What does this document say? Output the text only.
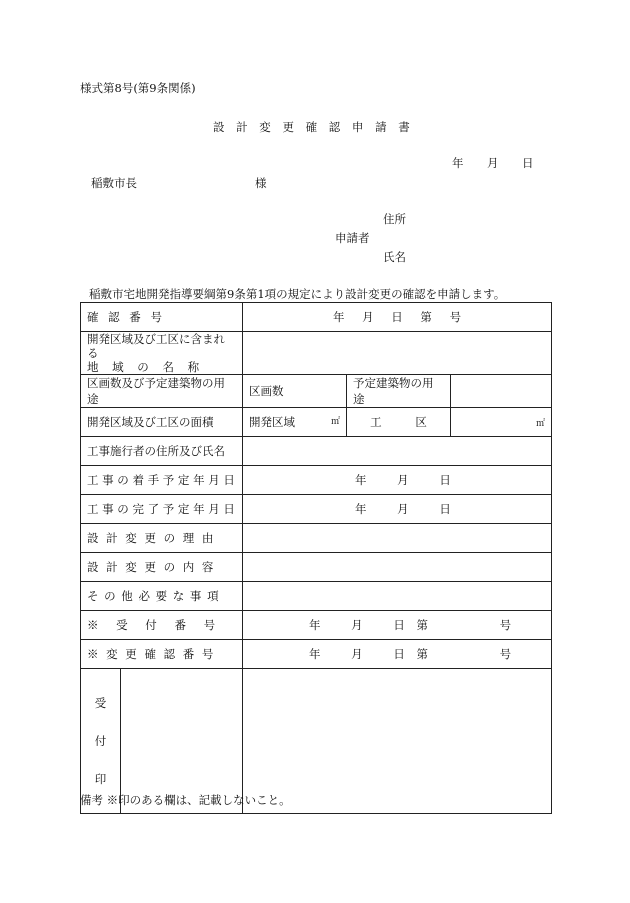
様式第8号(第9条関係)
設 計 変 更 確 認 申 請 書
年 月 日
稲敷市長	様
住所
申請者
氏名
稲敷市宅地開発指導要綱第9条第1項の規定により設計変更の確認を申請します。
確 認 番 号		年 月 日 第 号		

開発区域及び工区に含まれる
地 域 の 名 称				

区画数及び予定建築物の用途		区画数	予定建築物の用途	
開発区域及び工区の面積		開発区域 ㎡	工 区	㎡
工事施行者の住所及び氏名				
工 事 の 着 手 予 定 年 月 日		年 月 日		

工 事 の 完 了 予 定 年 月 日		年 月 日		

設 計 変 更 の 理 由				
設 計 変 更 の 内 容				
そ の 他 必 要 な 事 項				
※ 受 付 番 号		年 月 日 第 号		

※ 変 更 確 認 番 号		年 月 日 第 号		

受
付
印				

備考 ※印のある欄は、記載しないこと。
